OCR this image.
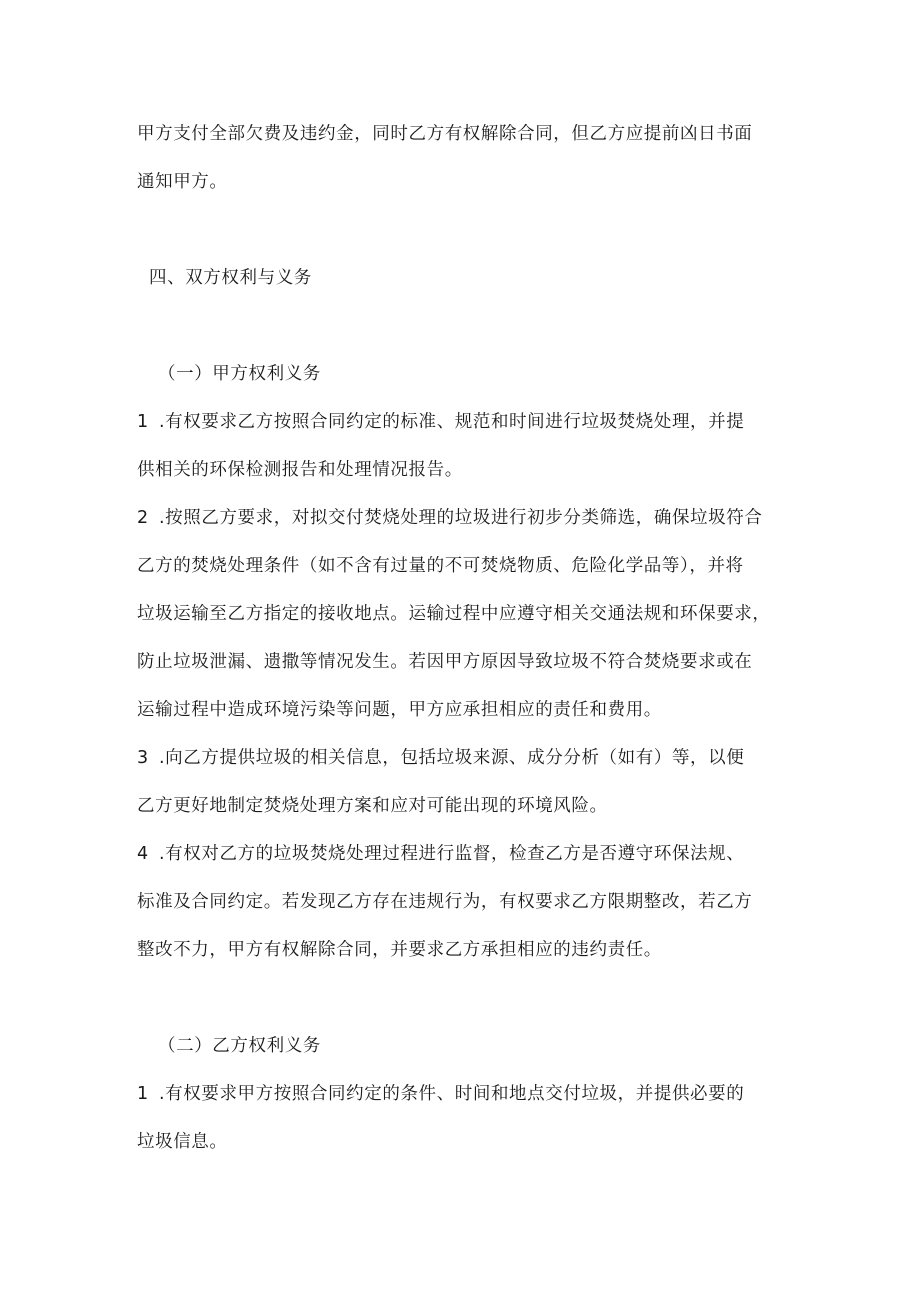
甲方支付全部欠费及违约金，同时乙方有权解除合同，但乙方应提前凶日书面
通知甲方。
四、双方权利与义务
（一）甲方权利义务
1 .有权要求乙方按照合同约定的标准、规范和时间进行垃圾焚烧处理，并提
供相关的环保检测报告和处理情况报告。
2 .按照乙方要求，对拟交付焚烧处理的垃圾进行初步分类筛选，确保垃圾符合
乙方的焚烧处理条件（如不含有过量的不可焚烧物质、危险化学品等），并将
垃圾运输至乙方指定的接收地点。运输过程中应遵守相关交通法规和环保要求，
防止垃圾泄漏、遗撒等情况发生。若因甲方原因导致垃圾不符合焚烧要求或在
运输过程中造成环境污染等问题，甲方应承担相应的责任和费用。
3 .向乙方提供垃圾的相关信息，包括垃圾来源、成分分析（如有）等，以便
乙方更好地制定焚烧处理方案和应对可能出现的环境风险。
4 .有权对乙方的垃圾焚烧处理过程进行监督，检查乙方是否遵守环保法规、
标准及合同约定。若发现乙方存在违规行为，有权要求乙方限期整改，若乙方
整改不力，甲方有权解除合同，并要求乙方承担相应的违约责任。
（二）乙方权利义务
1 .有权要求甲方按照合同约定的条件、时间和地点交付垃圾，并提供必要的
垃圾信息。
